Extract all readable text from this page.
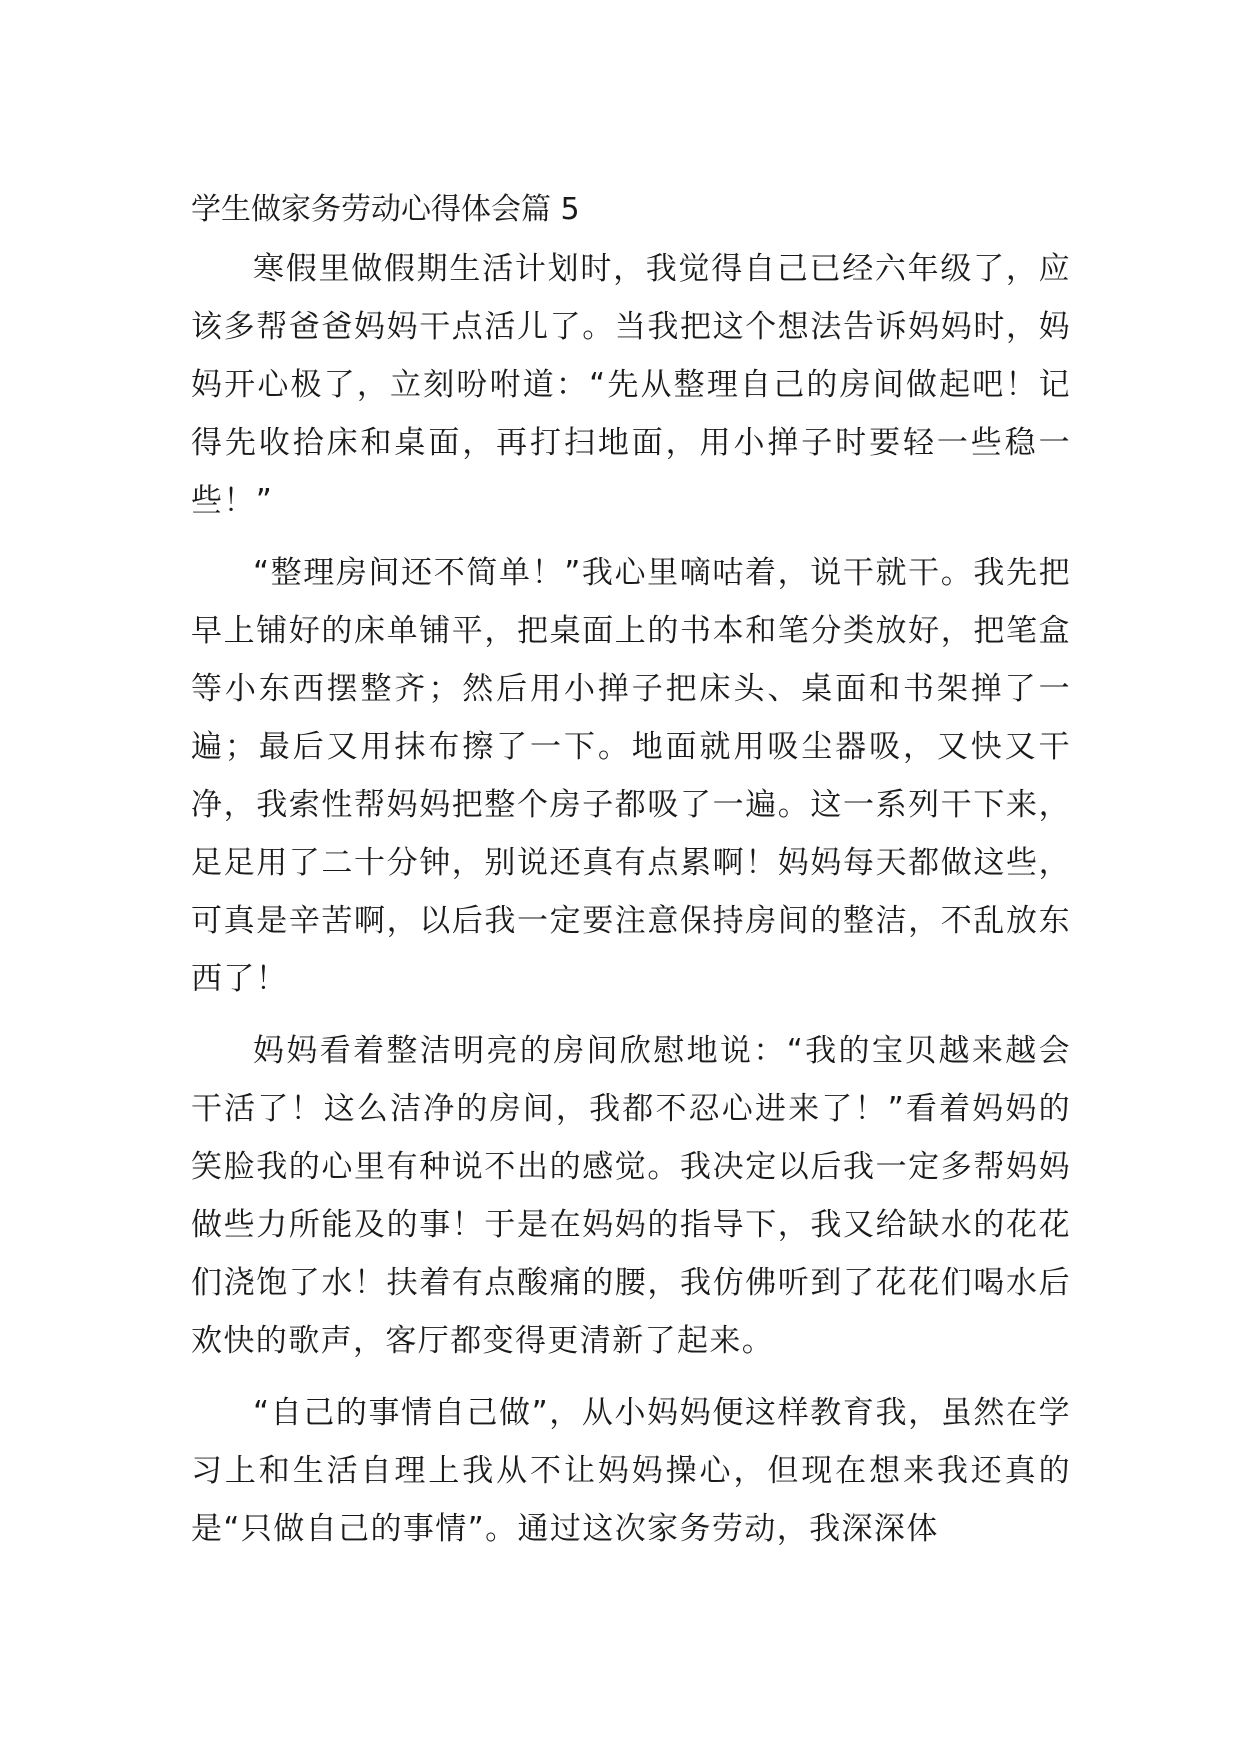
学生做家务劳动心得体会篇 5

寒假里做假期生活计划时，我觉得自己已经六年级了，应该多帮爸爸妈妈干点活儿了。当我把这个想法告诉妈妈时，妈妈开心极了，立刻吩咐道：“先从整理自己的房间做起吧！记得先收拾床和桌面，再打扫地面，用小掸子时要轻一些稳一些！”

“整理房间还不简单！”我心里嘀咕着，说干就干。我先把早上铺好的床单铺平，把桌面上的书本和笔分类放好，把笔盒等小东西摆整齐；然后用小掸子把床头、桌面和书架掸了一遍；最后又用抹布擦了一下。地面就用吸尘器吸，又快又干净，我索性帮妈妈把整个房子都吸了一遍。这一系列干下来，足足用了二十分钟，别说还真有点累啊！妈妈每天都做这些，可真是辛苦啊，以后我一定要注意保持房间的整洁，不乱放东西了！

妈妈看着整洁明亮的房间欣慰地说：“我的宝贝越来越会干活了！这么洁净的房间，我都不忍心进来了！”看着妈妈的笑脸我的心里有种说不出的感觉。我决定以后我一定多帮妈妈做些力所能及的事！于是在妈妈的指导下，我又给缺水的花花们浇饱了水！扶着有点酸痛的腰，我仿佛听到了花花们喝水后欢快的歌声，客厅都变得更清新了起来。

“自己的事情自己做”，从小妈妈便这样教育我，虽然在学习上和生活自理上我从不让妈妈操心，但现在想来我还真的是“只做自己的事情”。通过这次家务劳动，我深深体
